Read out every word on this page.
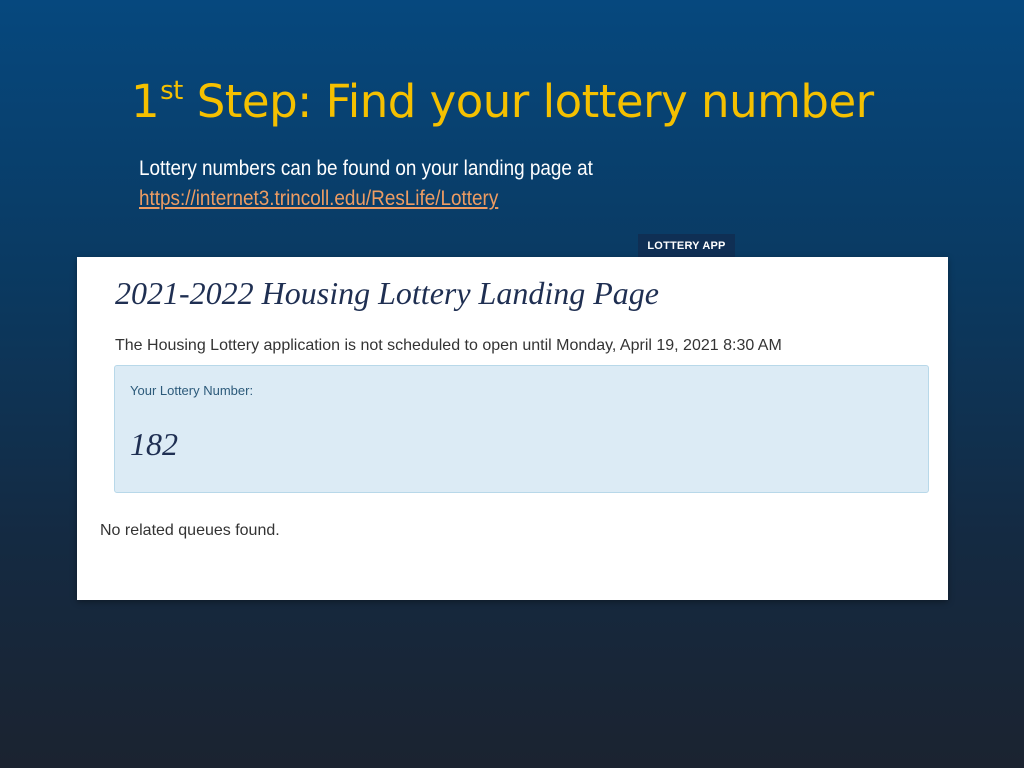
1st Step: Find your lottery number
Lottery numbers can be found on your landing page at
https://internet3.trincoll.edu/ResLife/Lottery
LOTTERY APP
2021-2022 Housing Lottery Landing Page
The Housing Lottery application is not scheduled to open until Monday, April 19, 2021 8:30 AM
Your Lottery Number:
182
No related queues found.
